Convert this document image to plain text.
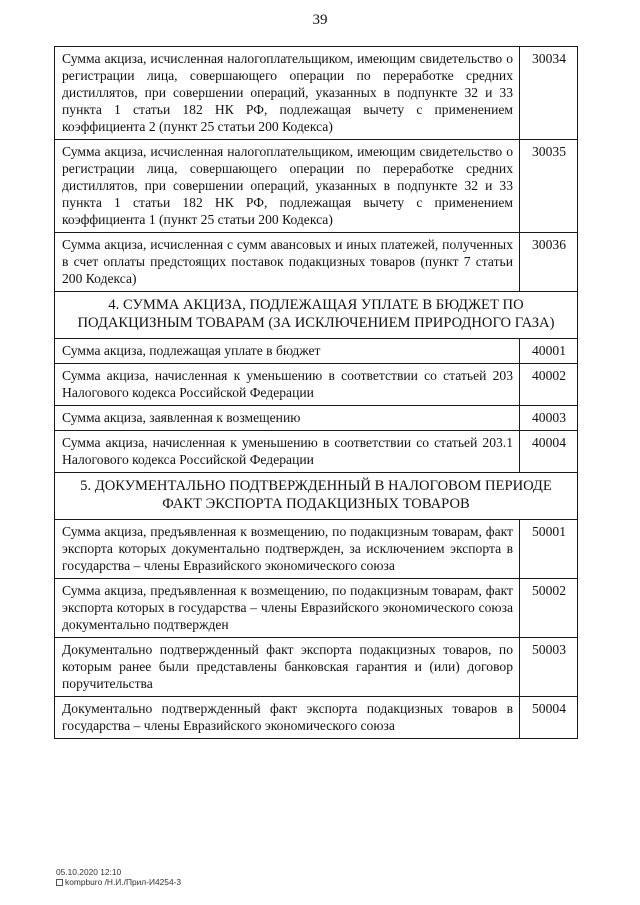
39
Сумма акциза, исчисленная налогоплательщиком, имеющим свидетельство о регистрации лица, совершающего операции по переработке средних дистиллятов, при совершении операций, указанных в подпункте 32 и 33 пункта 1 статьи 182 НК РФ, подлежащая вычету с применением коэффициента 2 (пункт 25 статьи 200 Кодекса)	30034
Сумма акциза, исчисленная налогоплательщиком, имеющим свидетельство о регистрации лица, совершающего операции по переработке средних дистиллятов, при совершении операций, указанных в подпункте 32 и 33 пункта 1 статьи 182 НК РФ, подлежащая вычету с применением коэффициента 1 (пункт 25 статьи 200 Кодекса)	30035
Сумма акциза, исчисленная с сумм авансовых и иных платежей, полученных в счет оплаты предстоящих поставок подакцизных товаров (пункт 7 статьи 200 Кодекса)	30036
4. СУММА АКЦИЗА, ПОДЛЕЖАЩАЯ УПЛАТЕ В БЮДЖЕТ ПО ПОДАКЦИЗНЫМ ТОВАРАМ (ЗА ИСКЛЮЧЕНИЕМ ПРИРОДНОГО ГАЗА)	
Сумма акциза, подлежащая уплате в бюджет	40001
Сумма акциза, начисленная к уменьшению в соответствии со статьей 203 Налогового кодекса Российской Федерации	40002
Сумма акциза, заявленная к возмещению	40003
Сумма акциза, начисленная к уменьшению в соответствии со статьей 203.1 Налогового кодекса Российской Федерации	40004
5. ДОКУМЕНТАЛЬНО ПОДТВЕРЖДЕННЫЙ В НАЛОГОВОМ ПЕРИОДЕ ФАКТ ЭКСПОРТА ПОДАКЦИЗНЫХ ТОВАРОВ	
Сумма акциза, предъявленная к возмещению, по подакцизным товарам, факт экспорта которых документально подтвержден, за исключением экспорта в государства – члены Евразийского экономического союза	50001
Сумма акциза, предъявленная к возмещению, по подакцизным товарам, факт экспорта которых в государства – члены Евразийского экономического союза документально подтвержден	50002
Документально подтвержденный факт экспорта подакцизных товаров, по которым ранее были представлены банковская гарантия и (или) договор поручительства	50003
Документально подтвержденный факт экспорта подакцизных товаров в государства – члены Евразийского экономического союза	50004
05.10.2020 12:10
kompburo /Н.И./Прил-И4254-3
